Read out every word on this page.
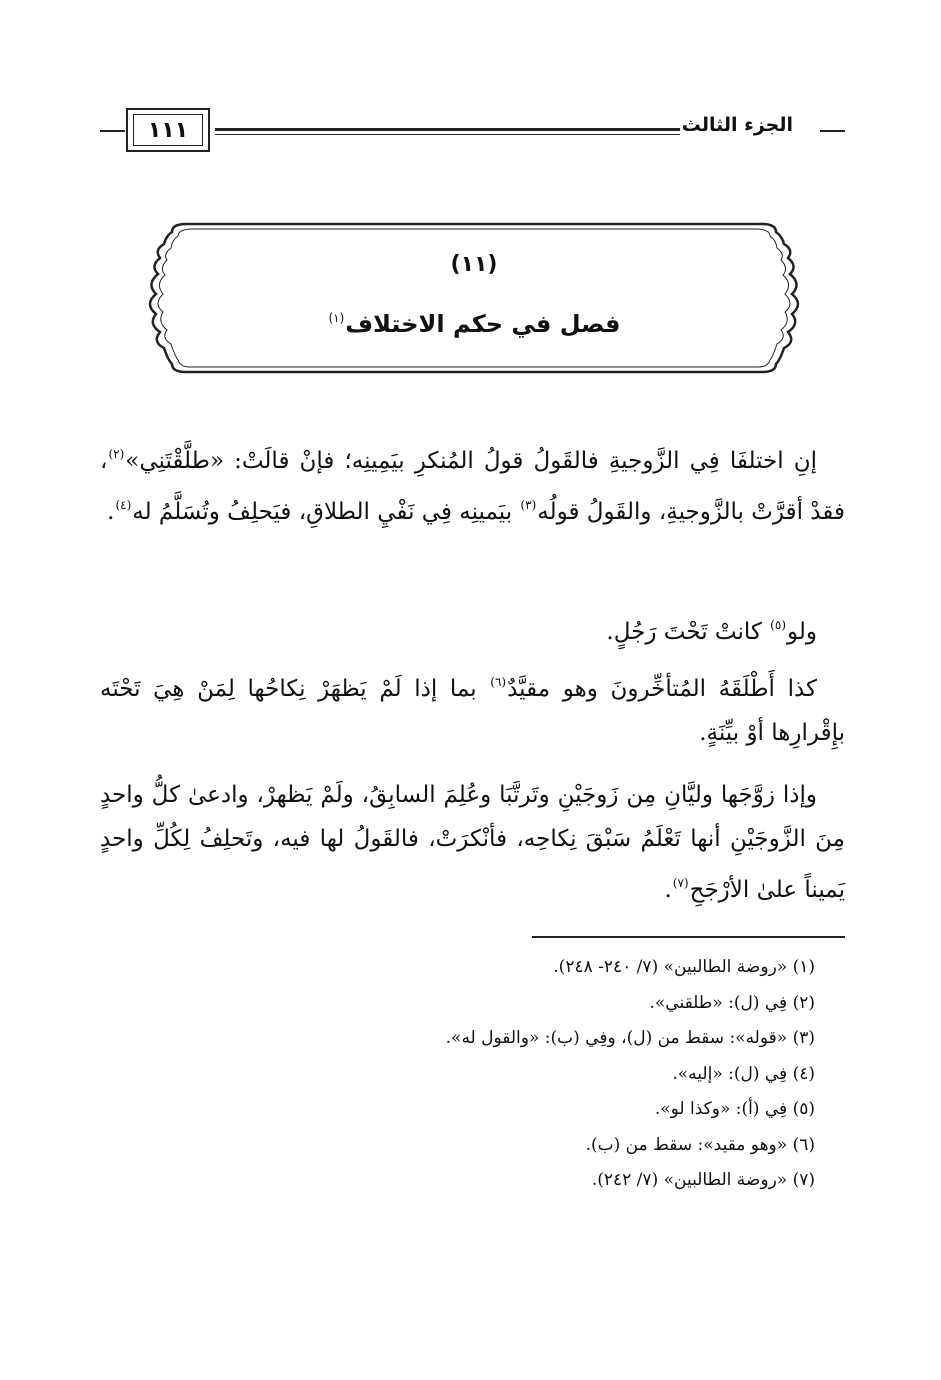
١١١	الجزء الثالث
(١١)
فصل في حكم الاختلاف$^{(١)}$

إنِ اختلفَا فِي الزَّوجيةِ فالقَولُ قولُ المُنكرِ بيَمِينِه؛ فإنْ قالَتْ: «طلَّقْتَنِي»$^{(٢)}$، فقدْ أقرَّتْ بالزَّوجيةِ، والقَولُ قولُه$^{(٣)}$ بيَمينِه فِي نَفْيِ الطلاقِ، فيَحلِفُ وتُسَلَّمُ له$^{(٤)}$.

ولو$^{(٥)}$ كانتْ تَحْتَ رَجُلٍ.

كذا أَطْلَقَهُ المُتأخِّرونَ وهو مقيَّدٌ$^{(٦)}$ بما إذا لَمْ يَظهَرْ نِكاحُها لِمَنْ هِيَ تَحْتَه بإِقْرارِها أوْ بيِّنَةٍ.

وإذا زوَّجَها وليَّانِ مِن زَوجَيْنِ وتَرتَّبَا وعُلِمَ السابِقُ، ولَمْ يَظهرْ، وادعىٰ كلُّ واحدٍ مِنَ الزَّوجَيْنِ أنها تَعْلَمُ سَبْقَ نِكاحِه، فأنْكرَتْ، فالقَولُ لها فيه، وتَحلِفُ لِكُلِّ واحدٍ يَميناً علىٰ الأرْجَحِ$^{(٧)}$.

(١) «روضة الطالبين» (٧/ ٢٤٠- ٢٤٨).
(٢) فِي (ل): «طلقني».
(٣) «قوله»: سقط من (ل)، وفِي (ب): «والقول له».
(٤) فِي (ل): «إليه».
(٥) فِي (أ): «وكذا لو».
(٦) «وهو مقيد»: سقط من (ب).
(٧) «روضة الطالبين» (٧/ ٢٤٢).
